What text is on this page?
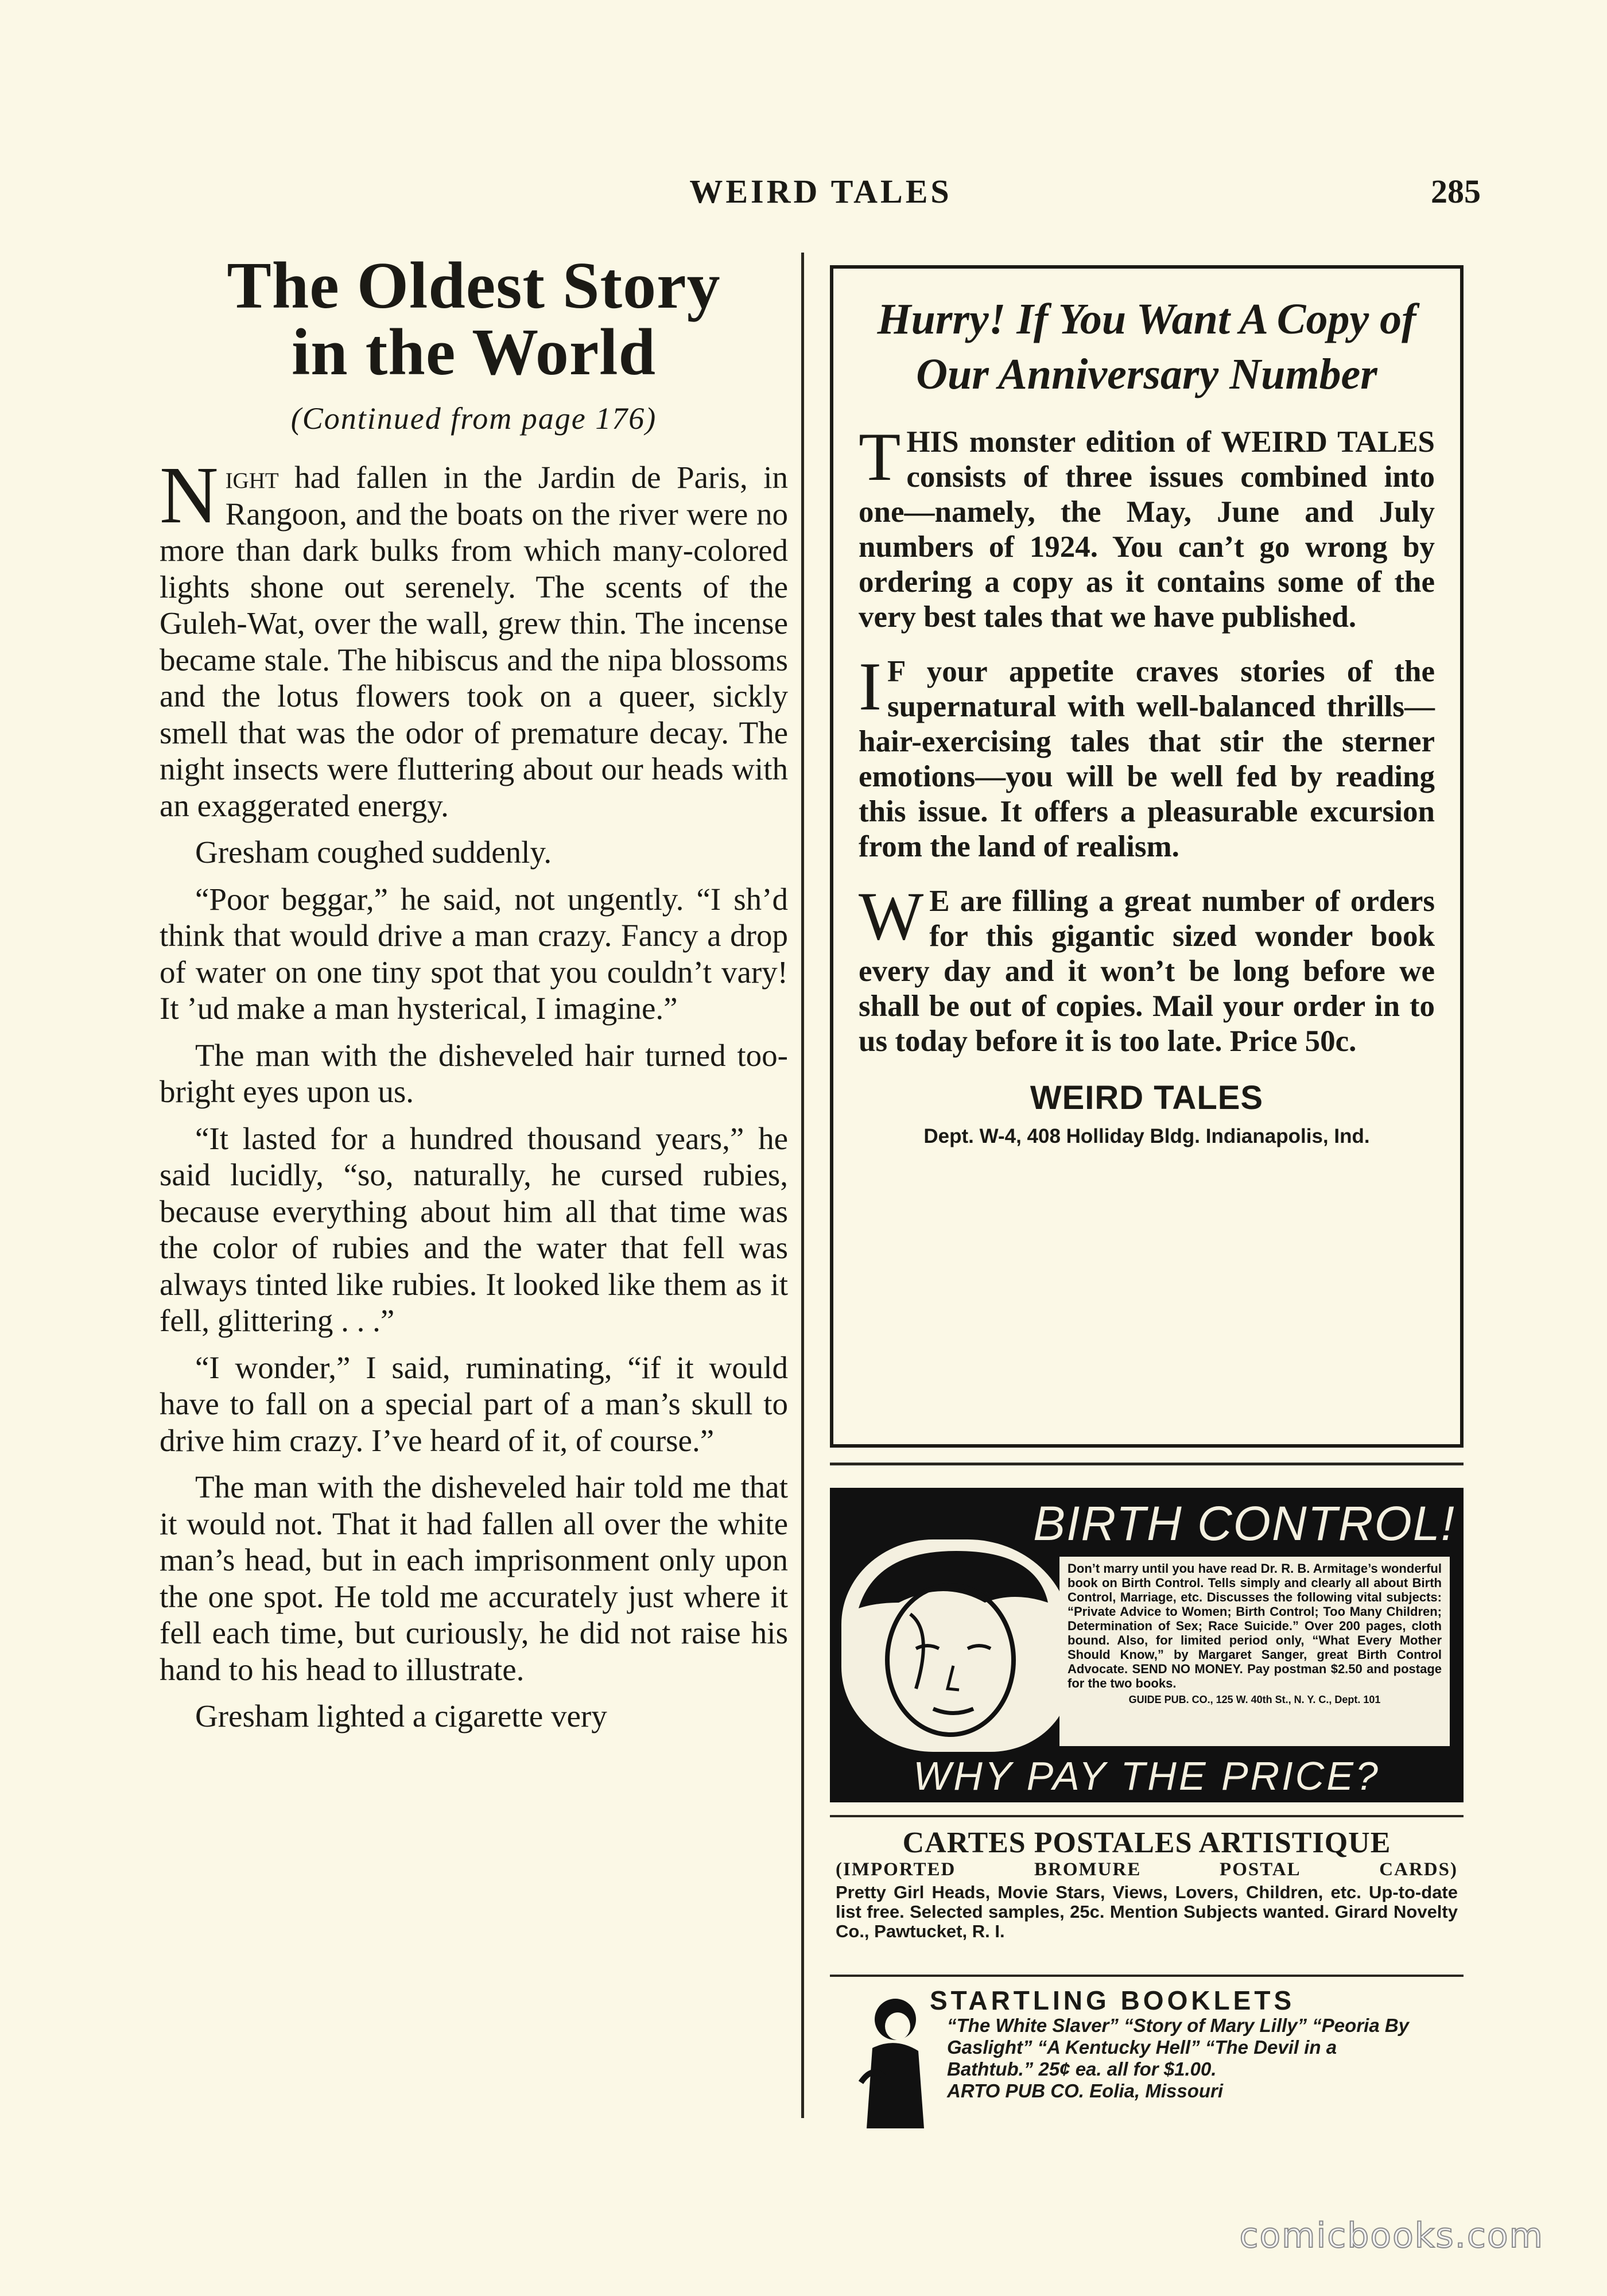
WEIRD TALES	285
The Oldest Story
in the World
(Continued from page 176)

Night had fallen in the Jardin de Paris, in Rangoon, and the boats on the river were no more than dark bulks from which many-colored lights shone out serenely. The scents of the Guleh-Wat, over the wall, grew thin. The incense became stale. The hibiscus and the nipa blossoms and the lotus flowers took on a queer, sickly smell that was the odor of premature decay. The night insects were fluttering about our heads with an exaggerated energy.

Gresham coughed suddenly.

“Poor beggar,” he said, not ungently. “I sh’d think that would drive a man crazy. Fancy a drop of water on one tiny spot that you couldn’t vary! It ’ud make a man hysterical, I imagine.”

The man with the disheveled hair turned too-bright eyes upon us.

“It lasted for a hundred thousand years,” he said lucidly, “so, naturally, he cursed rubies, because everything about him all that time was the color of rubies and the water that fell was always tinted like rubies. It looked like them as it fell, glittering . . .”

“I wonder,” I said, ruminating, “if it would have to fall on a special part of a man’s skull to drive him crazy. I’ve heard of it, of course.”

The man with the disheveled hair told me that it would not. That it had fallen all over the white man’s head, but in each imprisonment only upon the one spot. He told me accurately just where it fell each time, but curiously, he did not raise his hand to his head to illustrate.

Gresham lighted a cigarette very

Hurry! If You Want A Copy of Our Anniversary Number

THIS monster edition of WEIRD TALES consists of three issues combined into one—namely, the May, June and July numbers of 1924. You can’t go wrong by ordering a copy as it contains some of the very best tales that we have published.

I F your appetite craves stories of the supernatural with well-balanced thrills—hair-exercising tales that stir the sterner emotions—you will be well fed by reading this issue. It offers a pleasurable excursion from the land of realism.

W E are filling a great number of orders for this gigantic sized wonder book every day and it won’t be long before we shall be out of copies. Mail your order in to us today before it is too late. Price 50c.

WEIRD TALES
Dept. W-4, 408 Holliday Bldg. Indianapolis, Ind.
BIRTH CONTROL!
Don’t marry until you have read Dr. R. B. Armitage’s wonderful book on Birth Control. Tells simply and clearly all about Birth Control, Marriage, etc. Discusses the following vital subjects: “Private Advice to Women; Birth Control; Too Many Children; Determination of Sex; Race Suicide.” Over 200 pages, cloth bound. Also, for limited period only, “What Every Mother Should Know,” by Margaret Sanger, great Birth Control Advocate. SEND NO MONEY. Pay postman $2.50 and postage for the two books.
GUIDE PUB. CO., 125 W. 40th St., N. Y. C., Dept. 101
WHY PAY THE PRICE?
CARTES POSTALES ARTISTIQUE
(IMPORTED	BROMURE	POSTAL	CARDS)
Pretty Girl Heads, Movie Stars, Views, Lovers, Children, etc. Up-to-date list free. Selected samples, 25c. Mention Subjects wanted. Girard Novelty Co., Pawtucket, R. I.
STARTLING BOOKLETS
“The White Slaver” “Story of Mary Lilly” “Peoria By Gaslight” “A Kentucky Hell” “The Devil in a Bathtub.” 25¢ ea. all for $1.00.
ARTO PUB CO. Eolia, Missouri
comicbooks.com
